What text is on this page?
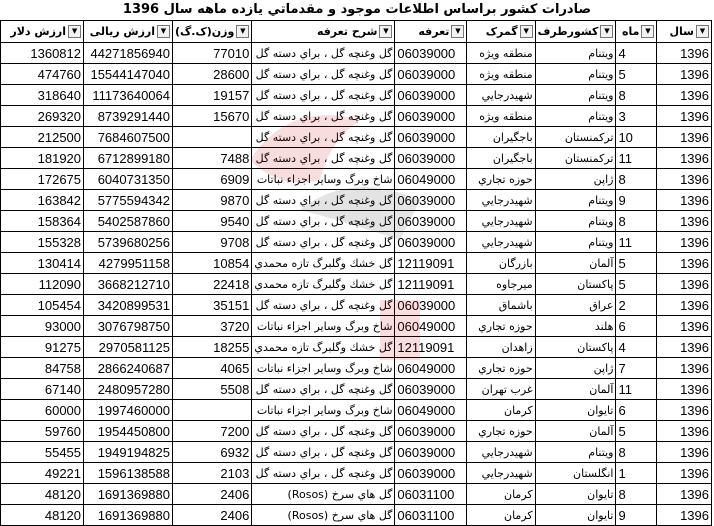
صادرات کشور براساس اطلاعات موجود و مقدماتي يازده ماهه سال 1396
▼سال	▼ماه	▼کشورطرف	▼گمرک	▼تعرفه	▼شرح تعرفه	▼وزن(ک.گ)	▼ارزش ريالی	▼ارزش دلار
1396	4	ويتنام	منطقه ويژه	06039000	گل وغنچه گل ، براي دسته گل	77010	44271856940	1360812
1396	5	ويتنام	منطقه ويژه	06039000	گل وغنچه گل ، براي دسته گل	28600	15544147040	474760
1396	8	ويتنام	شهيدرجايي	06039000	گل وغنچه گل ، براي دسته گل	19157	11173640064	318640
1396	3	ويتنام	منطقه ويژه	06039000	گل وغنچه گل ، براي دسته گل	15670	8739291440	269320
1396	10	تركمنستان	باجگيران	06039000	گل وغنچه گل ، براي دسته گل		7684607500	212500
1396	11	تركمنستان	باجگيران	06039000	گل وغنچه گل ، براي دسته گل	7488	6712899180	181920
1396	8	ژاپن	حوزه تجاري	06049000	شاخ وبرگ وساير اجزاء نباتات	6909	6040731350	172675
1396	9	ويتنام	شهيدرجايي	06039000	گل وغنچه گل ، براي دسته گل	9870	5775594342	163842
1396	8	ويتنام	شهيدرجايي	06039000	گل وغنچه گل ، براي دسته گل	9540	5402587860	158364
1396	11	ويتنام	شهيدرجايي	06039000	گل وغنچه گل ، براي دسته گل	9708	5739680256	155328
1396	5	آلمان	بازرگان	12119091	گل خشك وگلبرگ تازه محمدي	10854	4279951158	130414
1396	5	پاكستان	ميرجاوه	12119091	گل خشك وگلبرگ تازه محمدي	22418	3668212710	112090
1396	2	عراق	باشماق	06039000	گل وغنچه گل ، براي دسته گل	35151	3420899531	105454
1396	6	هلند	حوزه تجاري	06049000	شاخ وبرگ وساير اجزاء نباتات	3720	3076798750	93000
1396	4	پاكستان	زاهدان	12119091	گل خشك وگلبرگ تازه محمدي	18255	2970581125	91275
1396	7	ژاپن	حوزه تجاري	06049000	شاخ وبرگ وساير اجزاء نباتات	4065	2866240687	84758
1396	11	آلمان	غرب تهران	06039000	گل وغنچه گل ، براي دسته گل	5508	2480957280	67140
1396	6	تايوان	كرمان	06049000	شاخ وبرگ وساير اجزاء نباتات		1997460000	60000
1396	5	آلمان	حوزه تجاري	06039000	گل وغنچه گل ، براي دسته گل	7200	1954450800	59760
1396	8	ويتنام	شهيدرجايي	06039000	گل وغنچه گل ، براي دسته گل	6932	1949194825	55455
1396	1	انگلستان	شهيدرجايي	06039000	گل وغنچه گل ، براي دسته گل	2103	1596138588	49221
1396	8	تايوان	كرمان	06031100	گل هاي سرخ (Rosos)	2406	1691369880	48120
1396	9	تايوان	كرمان	06031100	گل هاي سرخ (Rosos)	2406	1691369880	48120
